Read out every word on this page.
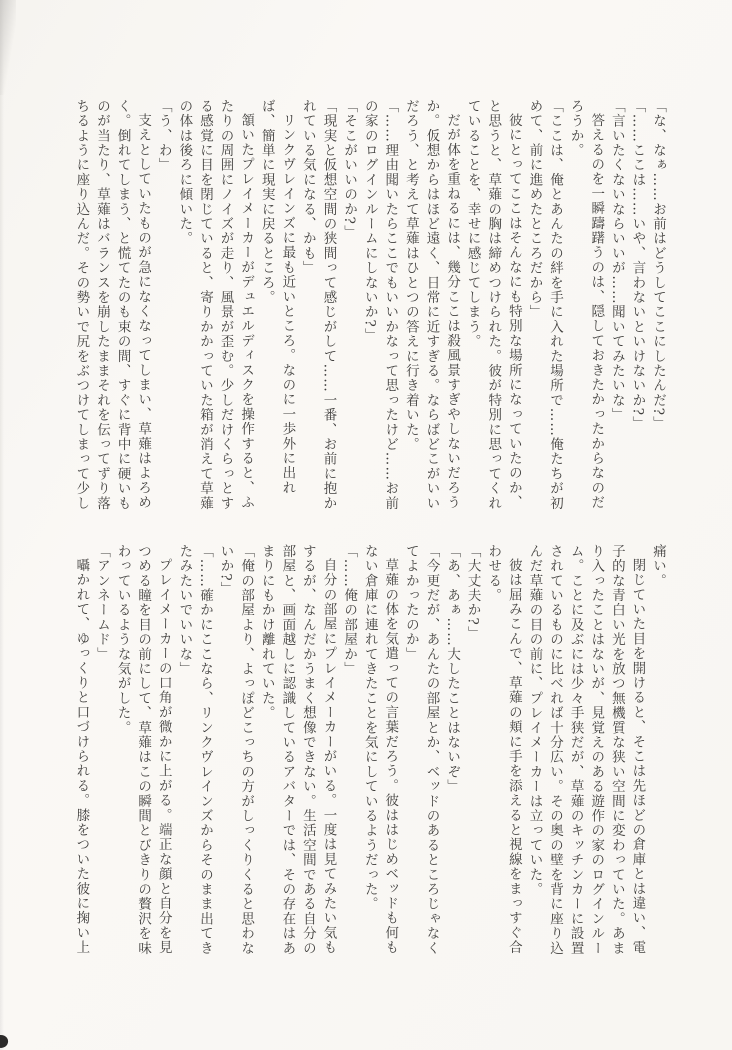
「な、なぁ……お前はどうしてここにしたんだ?」

「……ここは……いや、言わないといけないか?」

「言いたくないならいいが……聞いてみたいな」

答えるのを一瞬躊躇うのは、隠しておきたかったからなのだろうか。

「ここは、俺とあんたの絆を手に入れた場所で……俺たちが初めて、前に進めたところだから」

彼にとってここはそんなにも特別な場所になっていたのか、と思うと、草薙の胸は締めつけられた。彼が特別に思ってくれていることを、幸せに感じてしまう。

だが体を重ねるには、幾分ここは殺風景すぎやしないだろうか。仮想からはほど遠く、日常に近すぎる。ならばどこがいいだろう、と考えて草薙はひとつの答えに行き着いた。

「……理由聞いたらここでもいいかなって思ったけど……お前の家のログインルームにしないか?」

「そこがいいのか?」

「現実と仮想空間の狭間って感じがして……一番、お前に抱かれている気になる、かも」

リンクヴレインズに最も近いところ。なのに一歩外に出れば、簡単に現実に戻るところ。

頷いたプレイメーカーがデュエルディスクを操作すると、ふたりの周囲にノイズが走り、風景が歪む。少しだけくらっとする感覚に目を閉じていると、寄りかかっていた箱が消えて草薙の体は後ろに傾いた。

「う、わ」

支えとしていたものが急になくなってしまい、草薙はよろめく。倒れてしまう、と慌てたのも束の間、すぐに背中に硬いものが当たり、草薙はバランスを崩したままそれを伝ってずり落ちるように座り込んだ。その勢いで尻をぶつけてしまって少し

痛い。

閉じていた目を開けると、そこは先ほどの倉庫とは違い、電子的な青白い光を放つ無機質な狭い空間に変わっていた。あまり入ったことはないが、見覚えのある遊作の家のログインルーム。ことに及ぶには少々手狭だが、草薙のキッチンカーに設置されているものに比べれば十分広い。その奥の壁を背に座り込んだ草薙の目の前に、プレイメーカーは立っていた。

彼は屈みこんで、草薙の頬に手を添えると視線をまっすぐ合わせる。

「大丈夫か?」

「あ、あぁ……大したことはないぞ」

「今更だが、あんたの部屋とか、ベッドのあるところじゃなくてよかったのか」

草薙の体を気遣っての言葉だろう。彼ははじめベッドも何もない倉庫に連れてきたことを気にしているようだった。

「……俺の部屋か」

自分の部屋にプレイメーカーがいる。一度は見てみたい気もするが、なんだかうまく想像できない。生活空間である自分の部屋と、画面越しに認識しているアバターでは、その存在はあまりにもかけ離れていた。

「俺の部屋より、よっぽどこっちの方がしっくりくると思わないか?」

「……確かにここなら、リンクヴレインズからそのまま出てきたみたいでいいな」

プレイメーカーの口角が微かに上がる。端正な顔と自分を見つめる瞳を目の前にして、草薙はこの瞬間とびきりの贅沢を味わっているような気がした。

「アンネームド」

囁かれて、ゆっくりと口づけられる。膝をついた彼に掬い上
